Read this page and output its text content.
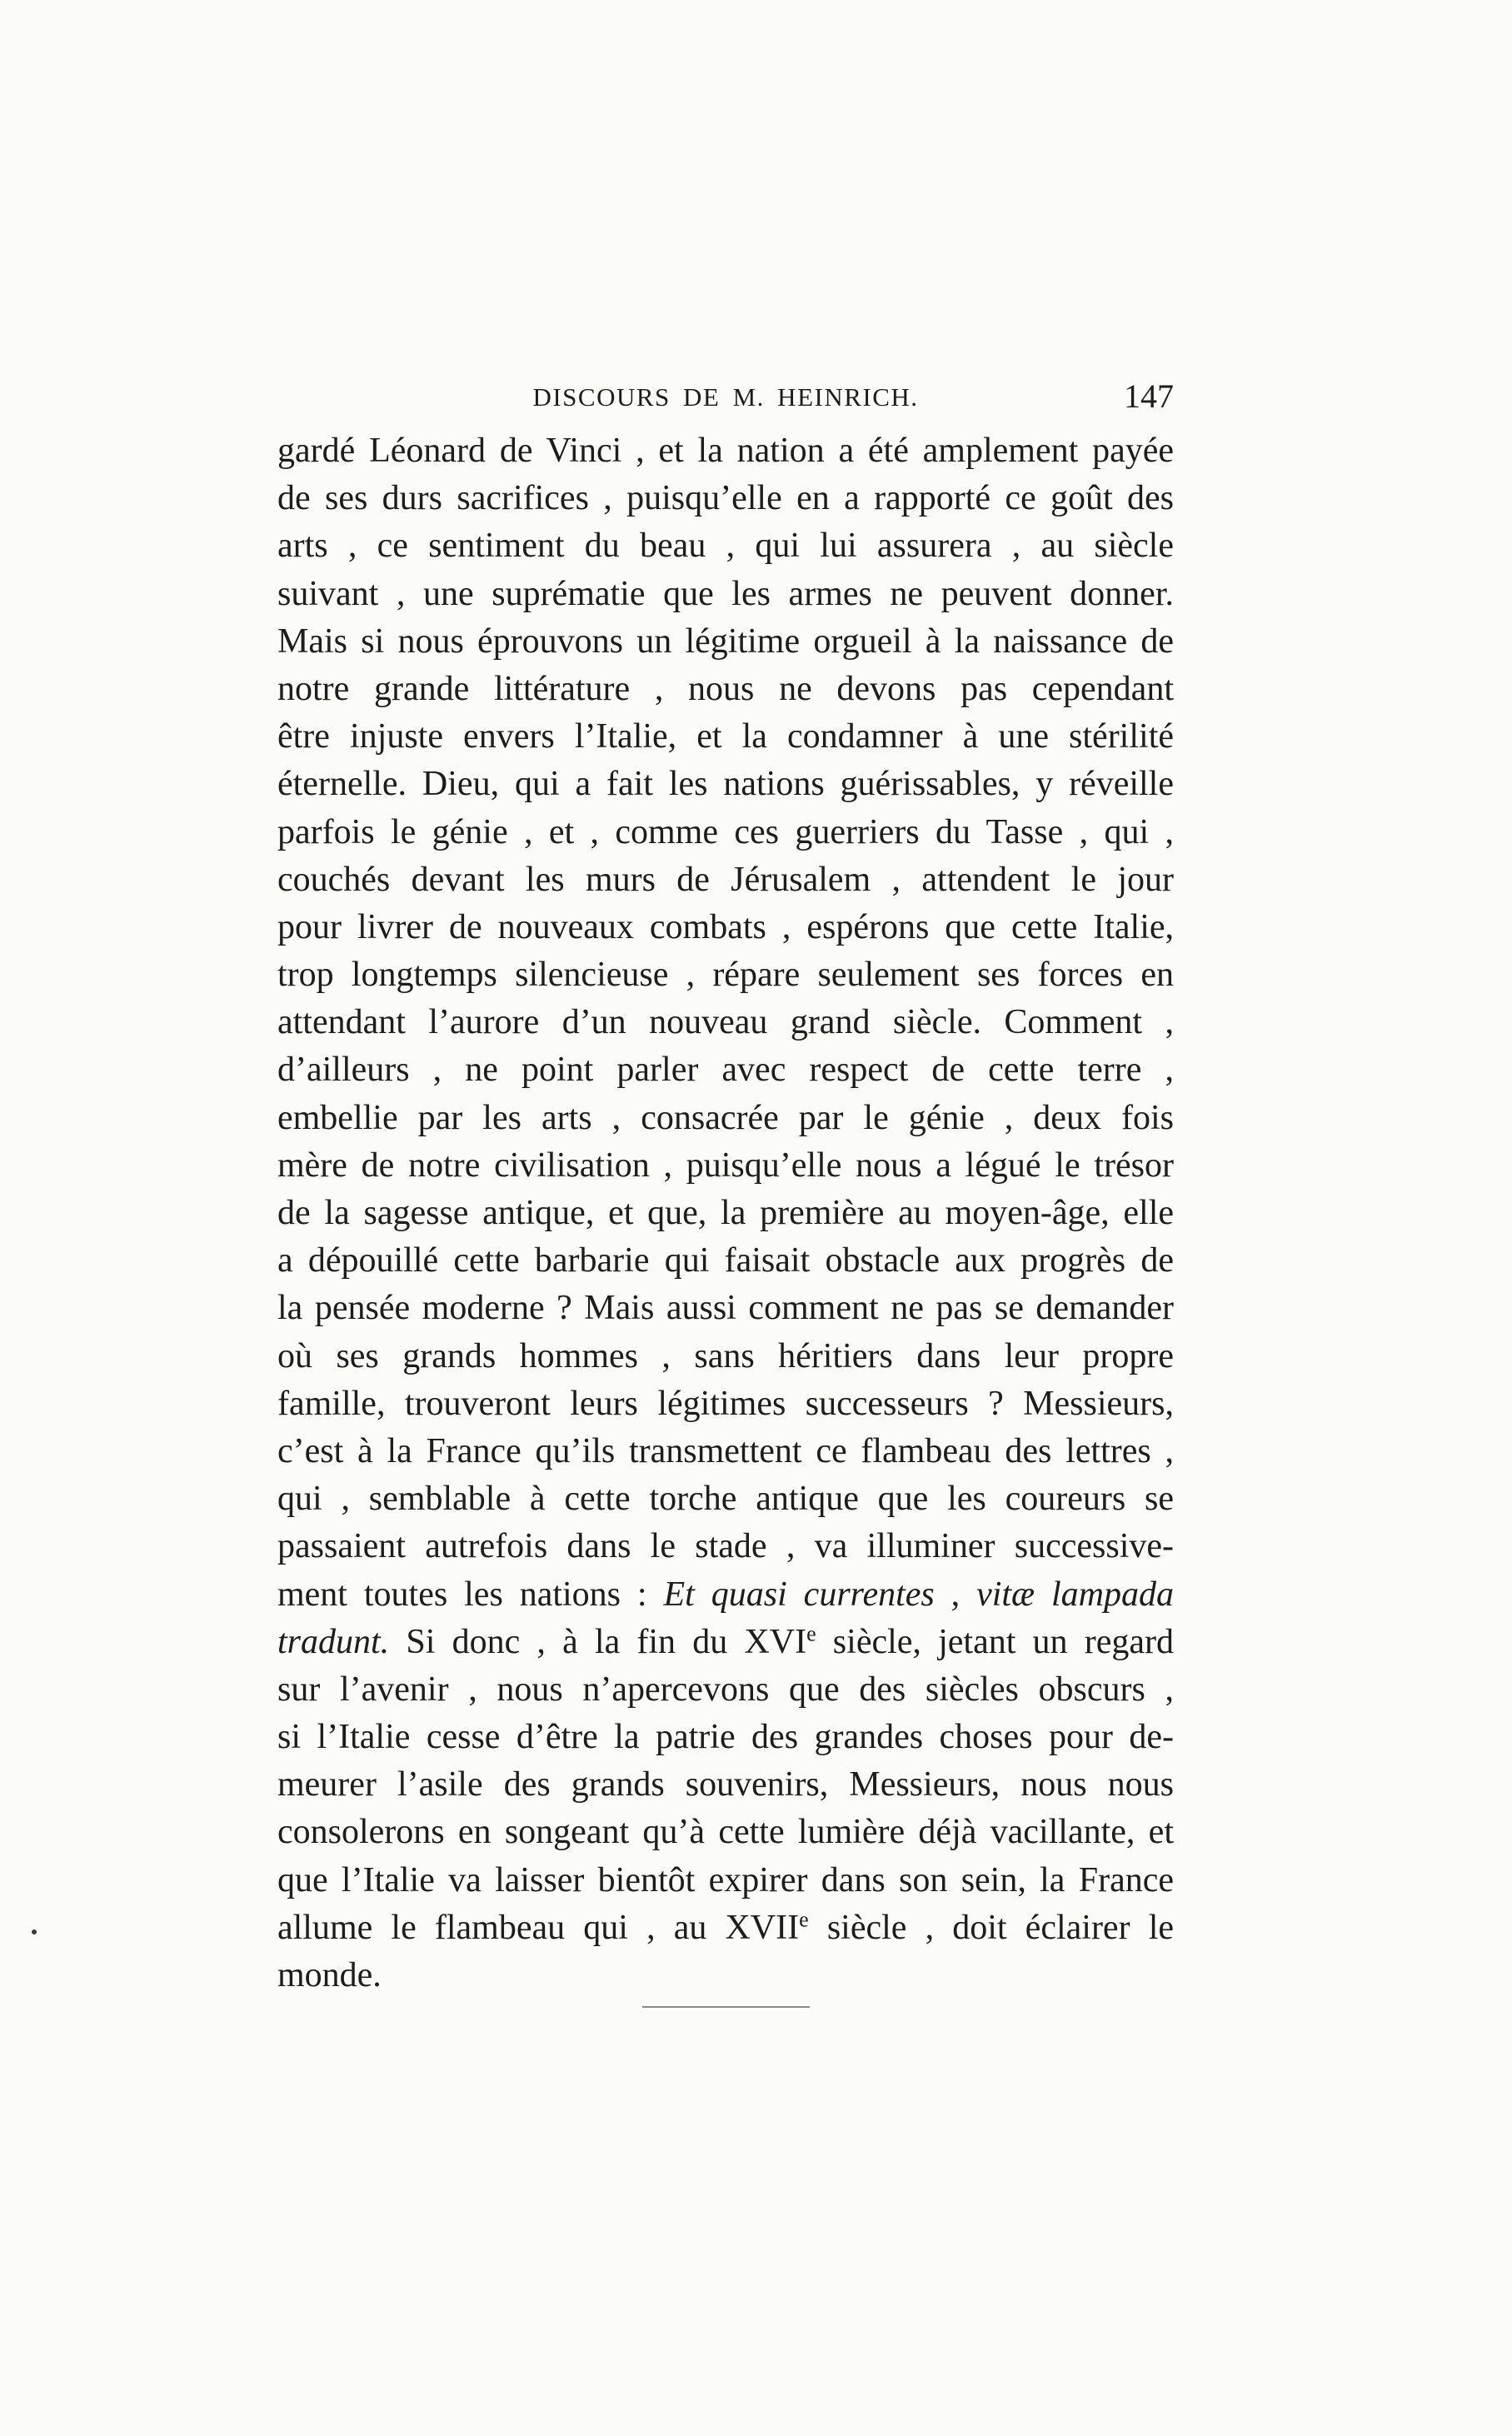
DISCOURS DE M. HEINRICH.	147
gardé Léonard de Vinci , et la nation a été amplement payée
de ses durs sacrifices , puisqu’elle en a rapporté ce goût des
arts , ce sentiment du beau , qui lui assurera , au siècle
suivant , une suprématie que les armes ne peuvent donner.
Mais si nous éprouvons un légitime orgueil à la naissance de
notre grande littérature , nous ne devons pas cependant
être injuste envers l’Italie, et la condamner à une stérilité
éternelle. Dieu, qui a fait les nations guérissables, y réveille
parfois le génie , et , comme ces guerriers du Tasse , qui ,
couchés devant les murs de Jérusalem , attendent le jour
pour livrer de nouveaux combats , espérons que cette Italie,
trop longtemps silencieuse , répare seulement ses forces en
attendant l’aurore d’un nouveau grand siècle. Comment ,
d’ailleurs , ne point parler avec respect de cette terre ,
embellie par les arts , consacrée par le génie , deux fois
mère de notre civilisation , puisqu’elle nous a légué le trésor
de la sagesse antique, et que, la première au moyen-âge, elle
a dépouillé cette barbarie qui faisait obstacle aux progrès de
la pensée moderne ? Mais aussi comment ne pas se demander
où ses grands hommes , sans héritiers dans leur propre
famille, trouveront leurs légitimes successeurs ? Messieurs,
c’est à la France qu’ils transmettent ce flambeau des lettres ,
qui , semblable à cette torche antique que les coureurs se
passaient autrefois dans le stade , va illuminer successive-
ment toutes les nations : Et quasi currentes , vitæ lampada
tradunt. Si donc , à la fin du XVIe siècle, jetant un regard
sur l’avenir , nous n’apercevons que des siècles obscurs ,
si l’Italie cesse d’être la patrie des grandes choses pour de-
meurer l’asile des grands souvenirs, Messieurs, nous nous
consolerons en songeant qu’à cette lumière déjà vacillante, et
que l’Italie va laisser bientôt expirer dans son sein, la France
allume le flambeau qui , au XVIIe siècle , doit éclairer le
monde.
